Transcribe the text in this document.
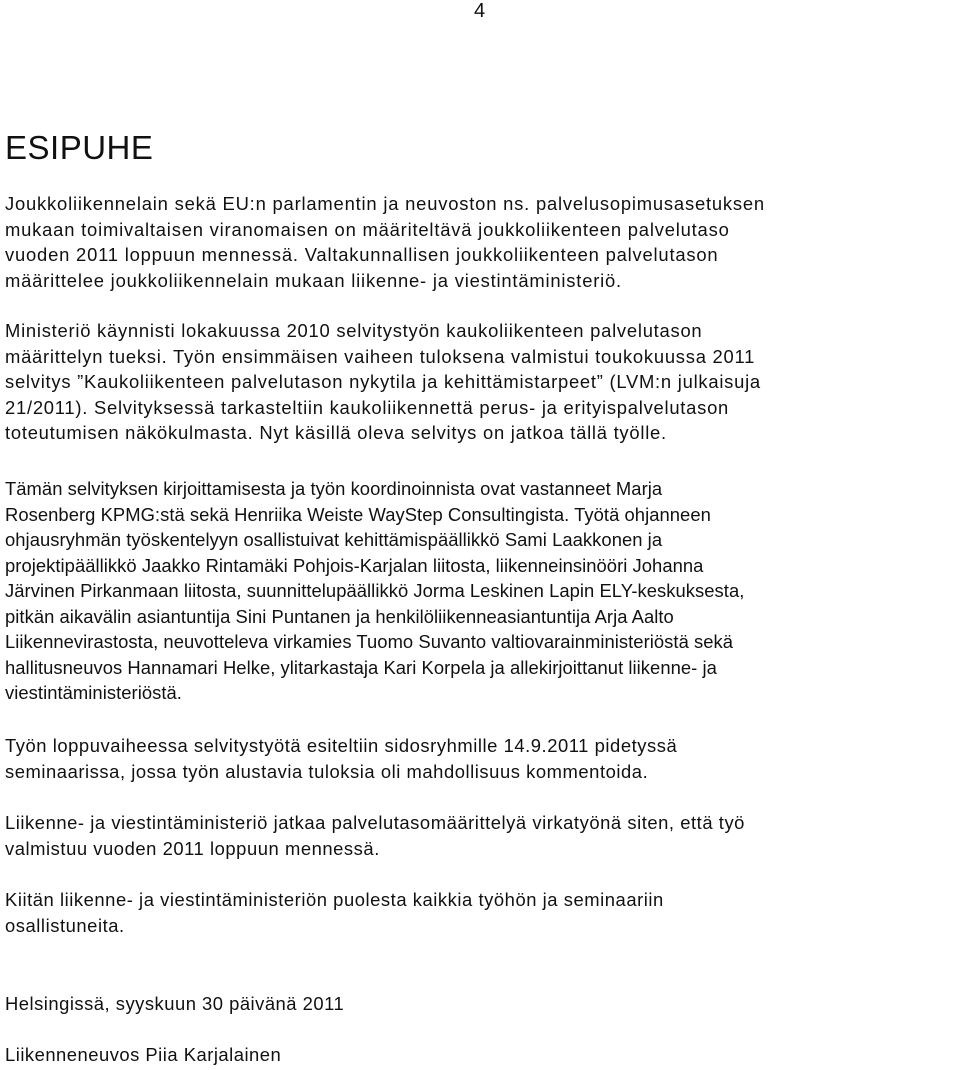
4
ESIPUHE

Joukkoliikennelain sekä EU:n parlamentin ja neuvoston ns. palvelusopimusasetuksen
mukaan toimivaltaisen viranomaisen on määriteltävä joukkoliikenteen palvelutaso
vuoden 2011 loppuun mennessä. Valtakunnallisen joukkoliikenteen palvelutason
määrittelee joukkoliikennelain mukaan liikenne- ja viestintäministeriö.

Ministeriö käynnisti lokakuussa 2010 selvitystyön kaukoliikenteen palvelutason
määrittelyn tueksi. Työn ensimmäisen vaiheen tuloksena valmistui toukokuussa 2011
selvitys ”Kaukoliikenteen palvelutason nykytila ja kehittämistarpeet” (LVM:n julkaisuja
21/2011). Selvityksessä tarkasteltiin kaukoliikennettä perus- ja erityispalvelutason
toteutumisen näkökulmasta. Nyt käsillä oleva selvitys on jatkoa tällä työlle.

Tämän selvityksen kirjoittamisesta ja työn koordinoinnista ovat vastanneet Marja
Rosenberg KPMG:stä sekä Henriika Weiste WayStep Consultingista. Työtä ohjanneen
ohjausryhmän työskentelyyn osallistuivat kehittämispäällikkö Sami Laakkonen ja
projektipäällikkö Jaakko Rintamäki Pohjois-Karjalan liitosta, liikenneinsinööri Johanna
Järvinen Pirkanmaan liitosta, suunnittelupäällikkö Jorma Leskinen Lapin ELY-keskuksesta,
pitkän aikavälin asiantuntija Sini Puntanen ja henkilöliikenneasiantuntija Arja Aalto
Liikennevirastosta, neuvotteleva virkamies Tuomo Suvanto valtiovarainministeriöstä sekä
hallitusneuvos Hannamari Helke, ylitarkastaja Kari Korpela ja allekirjoittanut liikenne- ja
viestintäministeriöstä.

Työn loppuvaiheessa selvitystyötä esiteltiin sidosryhmille 14.9.2011 pidetyssä
seminaarissa, jossa työn alustavia tuloksia oli mahdollisuus kommentoida.

Liikenne- ja viestintäministeriö jatkaa palvelutasomäärittelyä virkatyönä siten, että työ
valmistuu vuoden 2011 loppuun mennessä.

Kiitän liikenne- ja viestintäministeriön puolesta kaikkia työhön ja seminaariin
osallistuneita.

Helsingissä, syyskuun 30 päivänä 2011

Liikenneneuvos Piia Karjalainen
